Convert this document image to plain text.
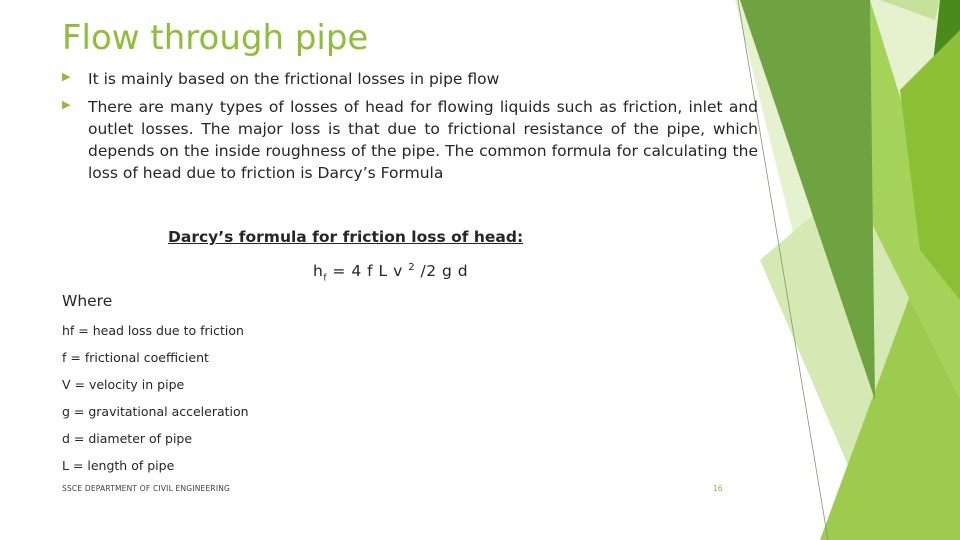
Flow through pipe
▶ It is mainly based on the frictional losses in pipe flow
▶ There are many types of losses of head for flowing liquids such as friction, inlet and outlet losses. The major loss is that due to frictional resistance of the pipe, which depends on the inside roughness of the pipe. The common formula for calculating the loss of head due to friction is Darcy’s Formula
Darcy’s formula for friction loss of head:
$h_f = 4$ f L v $^2$ /2 g d
Where
hf = head loss due to friction
f = frictional coefficient
V = velocity in pipe
g = gravitational acceleration
d = diameter of pipe
L = length of pipe
SSCE DEPARTMENT OF CIVIL ENGINEERING	16
